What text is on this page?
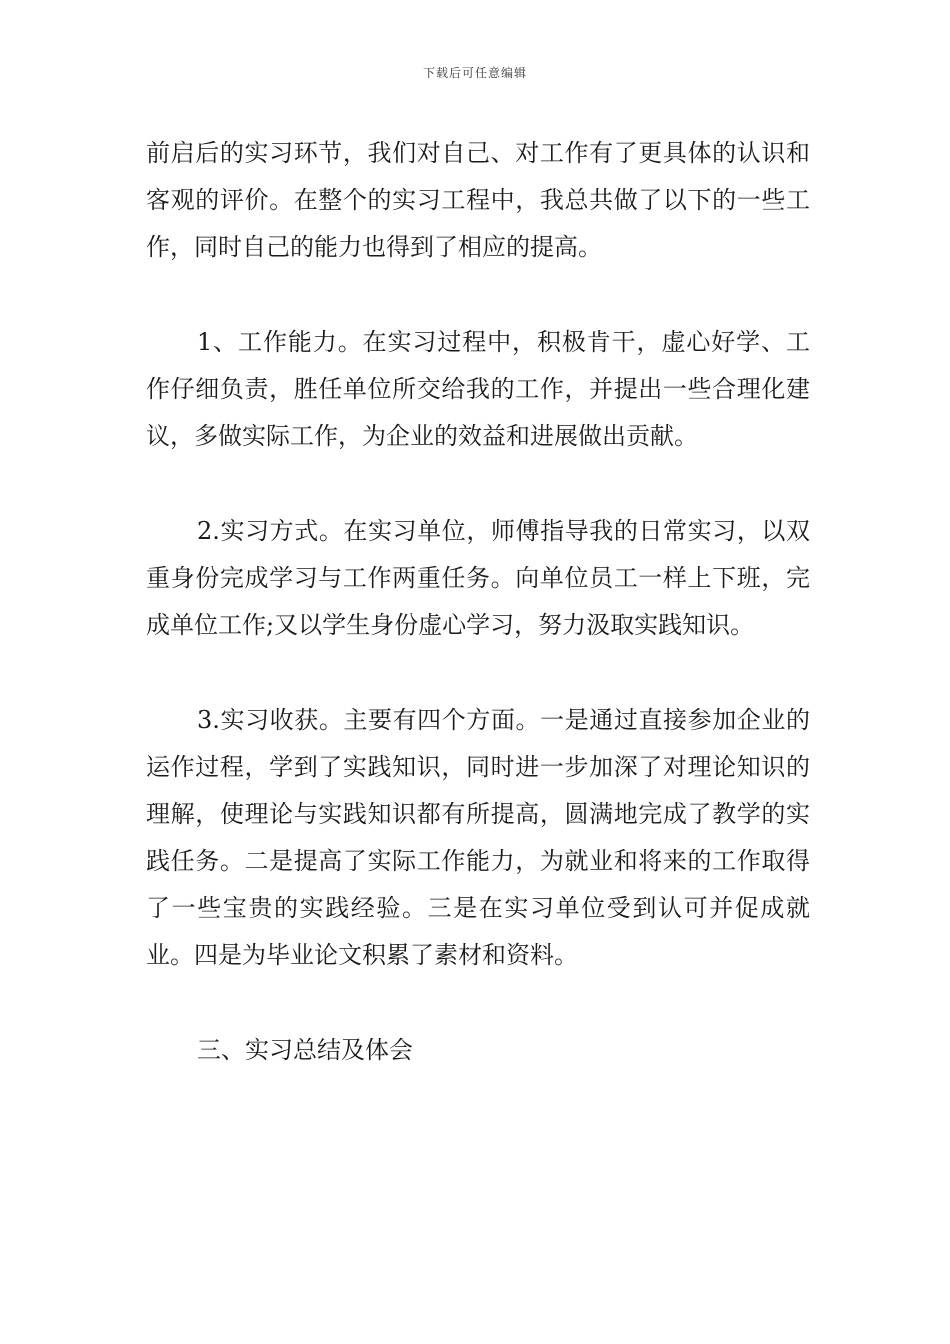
下载后可任意编辑

前启后的实习环节，我们对自己、对工作有了更具体的认识和客观的评价。在整个的实习工程中，我总共做了以下的一些工作，同时自己的能力也得到了相应的提高。

1、工作能力。在实习过程中，积极肯干，虚心好学、工作仔细负责，胜任单位所交给我的工作，并提出一些合理化建议，多做实际工作，为企业的效益和进展做出贡献。

2.实习方式。在实习单位，师傅指导我的日常实习，以双重身份完成学习与工作两重任务。向单位员工一样上下班，完成单位工作;又以学生身份虚心学习，努力汲取实践知识。

3.实习收获。主要有四个方面。一是通过直接参加企业的运作过程，学到了实践知识，同时进一步加深了对理论知识的理解，使理论与实践知识都有所提高，圆满地完成了教学的实践任务。二是提高了实际工作能力，为就业和将来的工作取得了一些宝贵的实践经验。三是在实习单位受到认可并促成就业。四是为毕业论文积累了素材和资料。

三、实习总结及体会
